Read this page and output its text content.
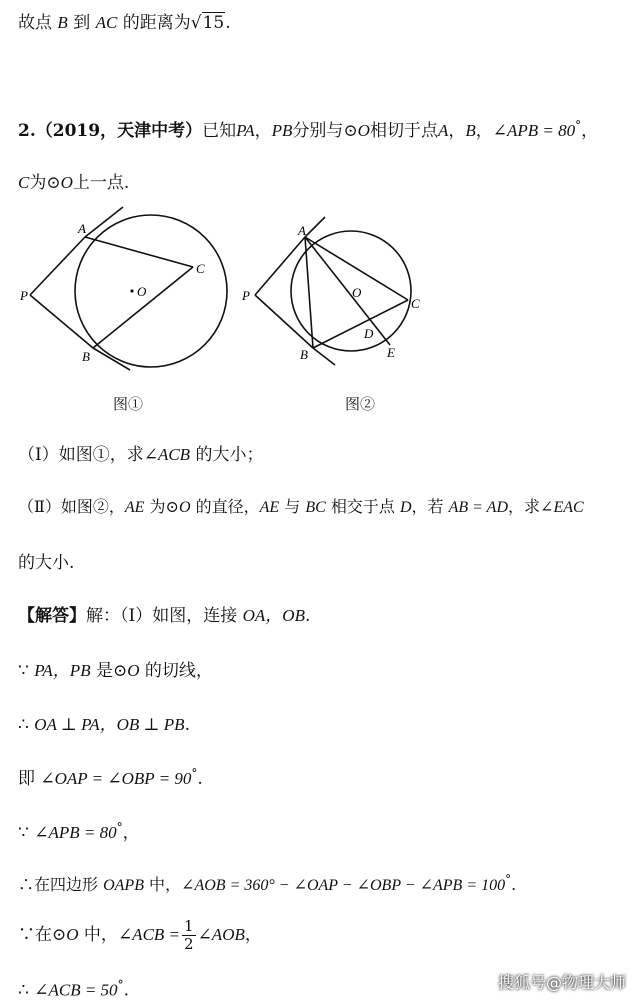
故点 B 到 AC 的距离为√15.
2.（2019，天津中考）已知PA，PB分别与⊙O相切于点A，B，∠APB = 80°，
C为⊙O上一点.
A
B
C
P	O
图①
A
B
C
P	O
D
E
图②
（Ⅰ）如图①，求∠ACB 的大小；
（Ⅱ）如图②，AE 为⊙O 的直径，AE 与 BC 相交于点 D，若 AB = AD，求∠EAC
的大小.
【解答】解：（Ⅰ）如图，连接 OA，OB.
∵ PA，PB 是⊙O 的切线，
∴ OA ⊥ PA，OB ⊥ PB.
即 ∠OAP = ∠OBP = 90°.
∵ ∠APB = 80°，
∴在四边形 OAPB 中，∠AOB = 360° − ∠OAP − ∠OBP − ∠APB = 100°.
∵在⊙O 中，∠ACB = $\frac{1}{2}$ ∠AOB，
∴ ∠ACB = 50°.	搜狐号@物理大师
